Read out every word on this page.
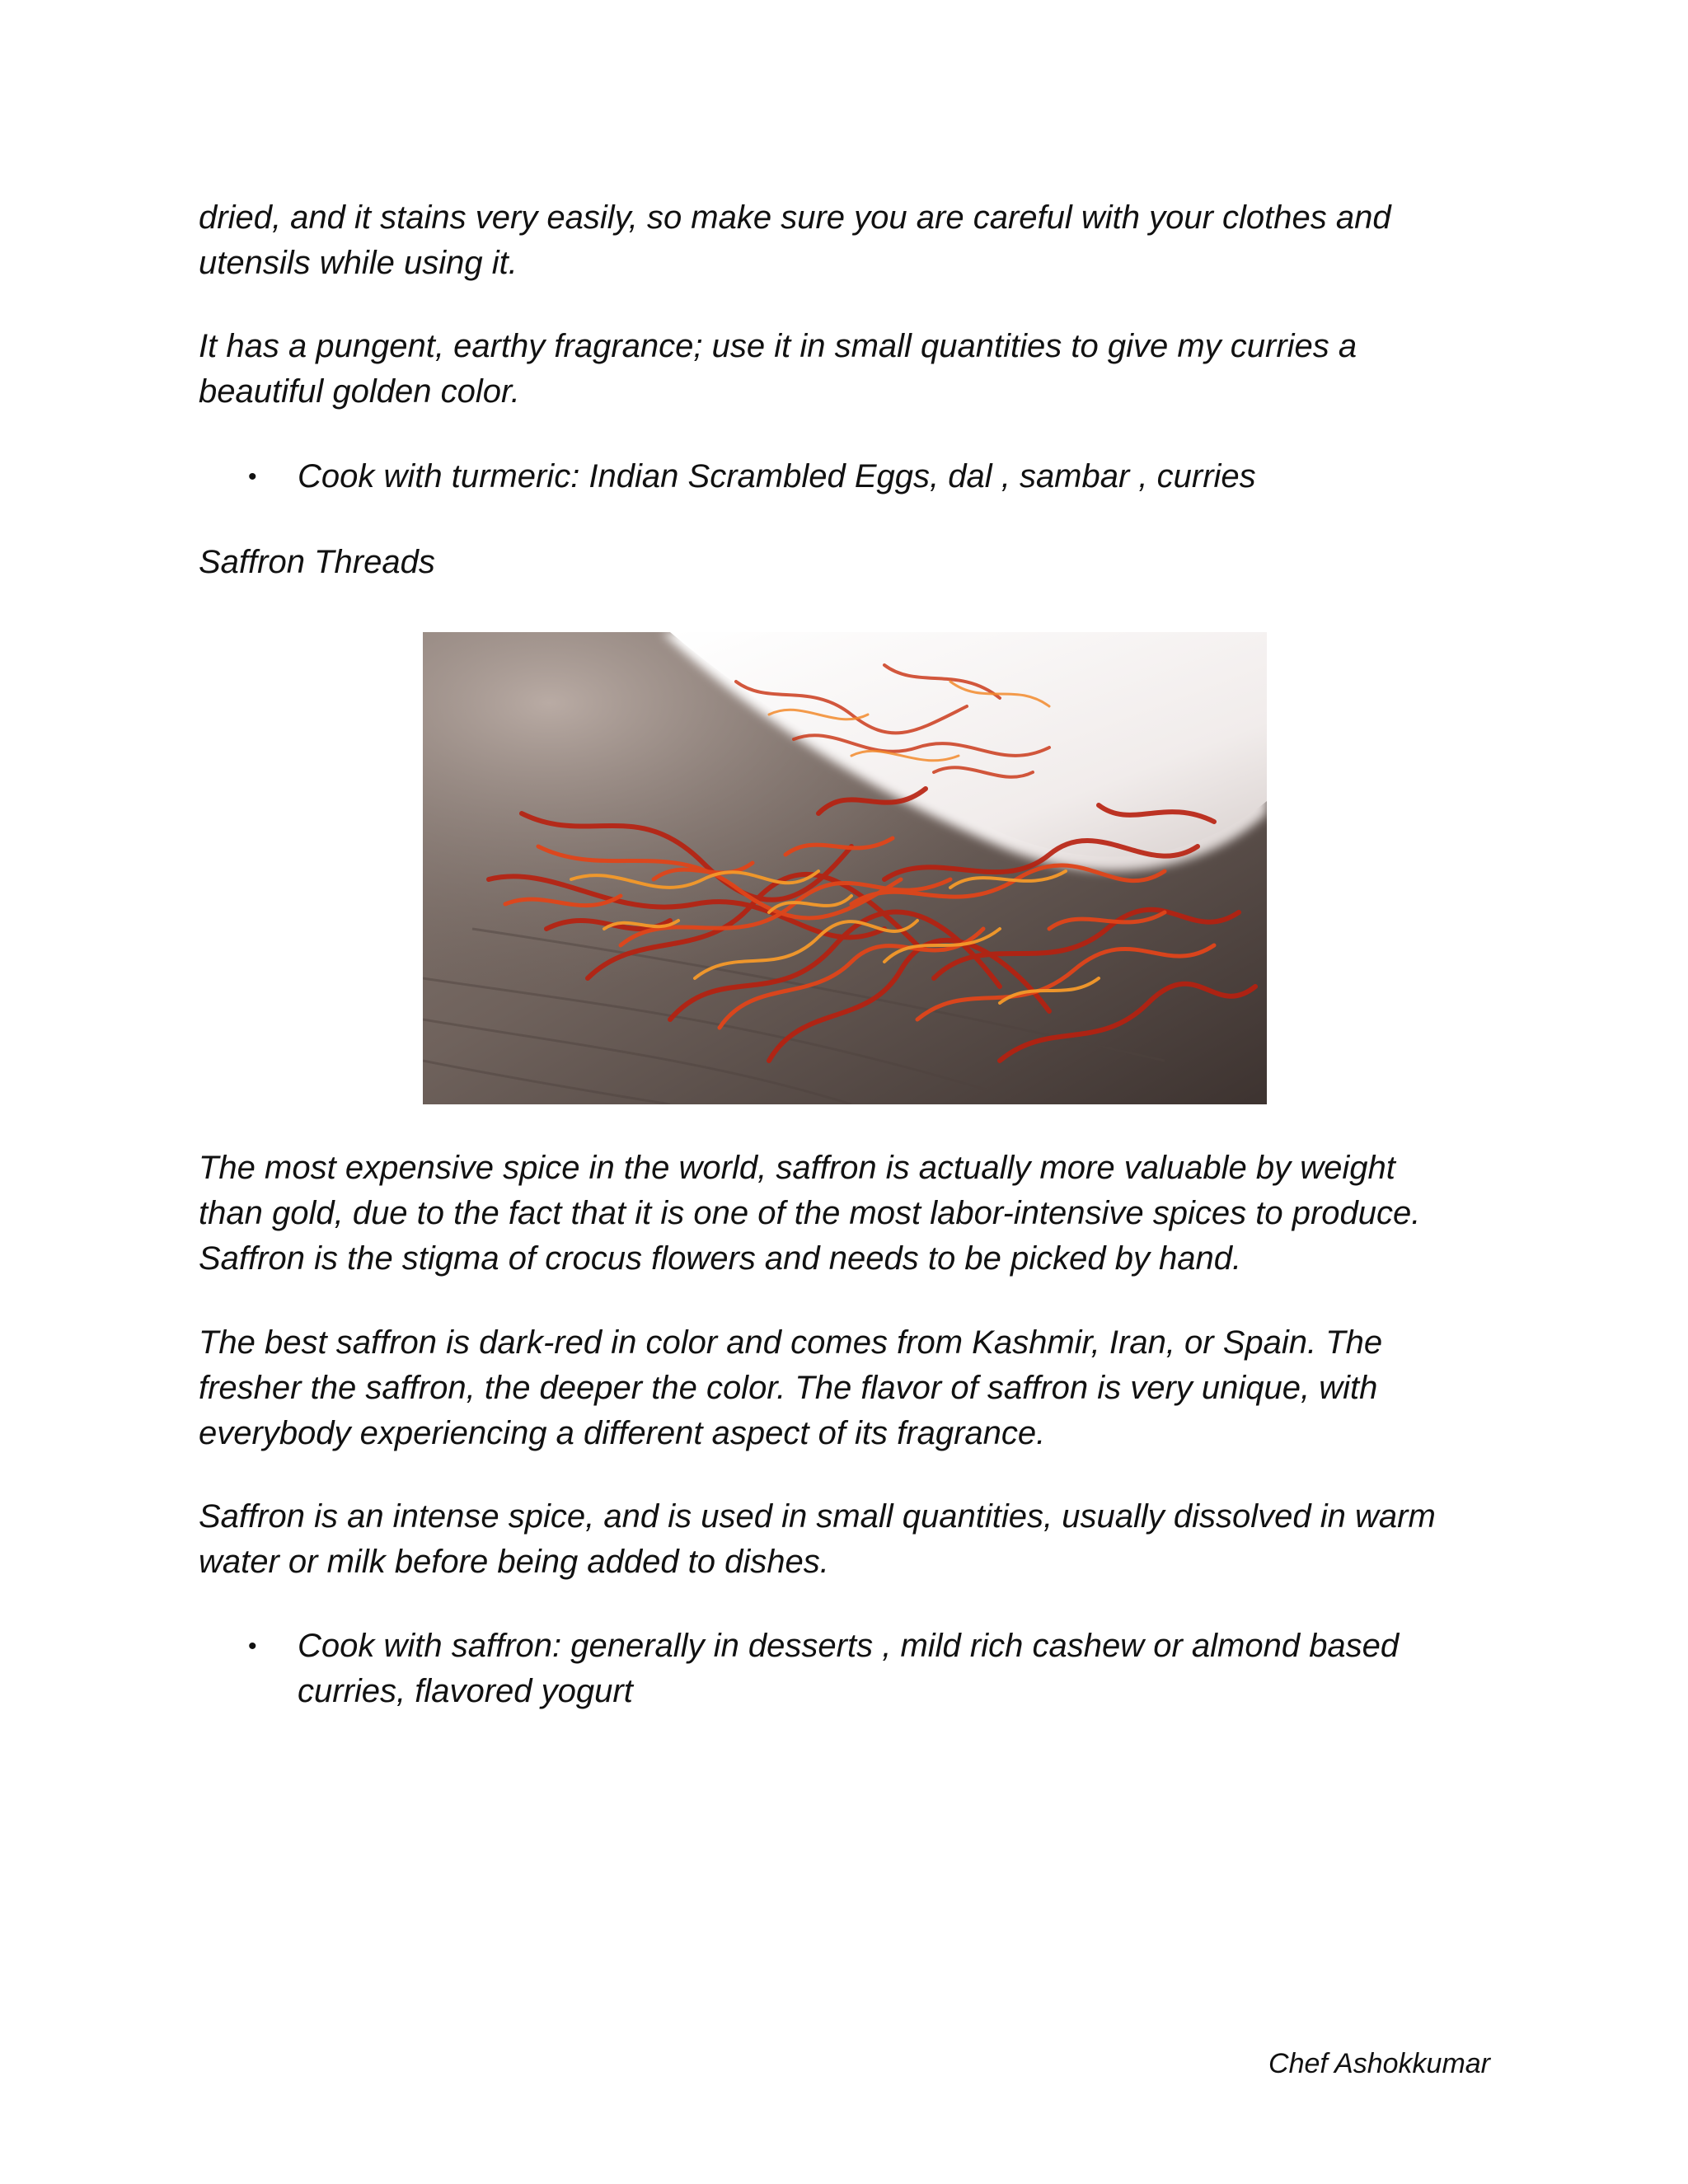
dried, and it stains very easily, so make sure you are careful with your clothes and

utensils while using it.

It has a pungent, earthy fragrance; use it in small quantities to give my curries a

beautiful golden color.

• Cook with turmeric: Indian Scrambled Eggs, dal , sambar , curries

Saffron Threads

The most expensive spice in the world, saffron is actually more valuable by weight

than gold, due to the fact that it is one of the most labor-intensive spices to produce.

Saffron is the stigma of crocus flowers and needs to be picked by hand.

The best saffron is dark-red in color and comes from Kashmir, Iran, or Spain. The

fresher the saffron, the deeper the color. The flavor of saffron is very unique, with

everybody experiencing a different aspect of its fragrance.

Saffron is an intense spice, and is used in small quantities, usually dissolved in warm

water or milk before being added to dishes.

• Cook with saffron: generally in desserts , mild rich cashew or almond based
curries, flavored yogurt
Chef Ashokkumar
